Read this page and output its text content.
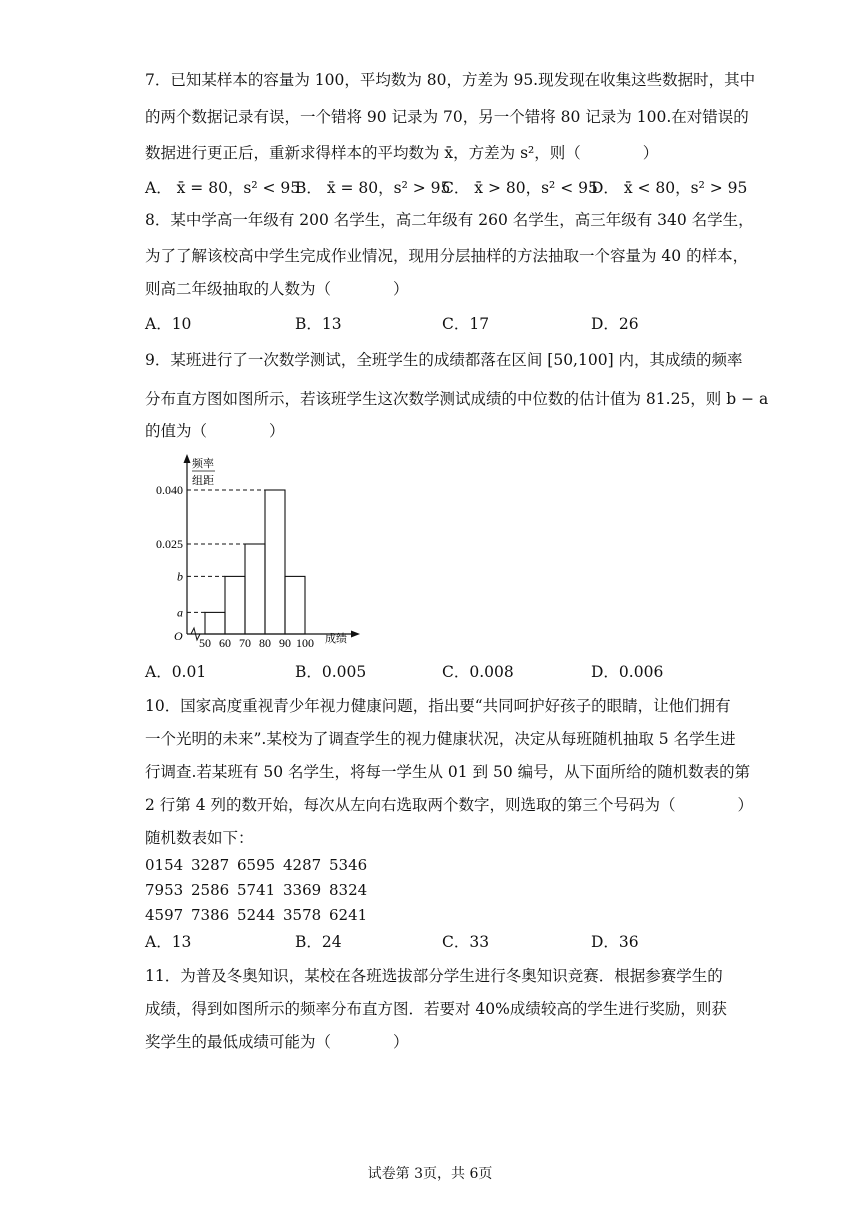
7．已知某样本的容量为 100，平均数为 80，方差为 95.现发现在收集这些数据时，其中
的两个数据记录有误，一个错将 90 记录为 70，另一个错将 80 记录为 100.在对错误的
数据进行更正后，重新求得样本的平均数为 x̄，方差为 s²，则（　　　　）
A． x̄ = 80，s² < 95
B． x̄ = 80，s² > 95
C． x̄ > 80，s² < 95
D． x̄ < 80，s² > 95
8．某中学高一年级有 200 名学生，高二年级有 260 名学生，高三年级有 340 名学生，
为了了解该校高中学生完成作业情况，现用分层抽样的方法抽取一个容量为 40 的样本，
则高二年级抽取的人数为（　　　　）
A．10	B．13	C．17	D．26
9．某班进行了一次数学测试，全班学生的成绩都落在区间 [50,100] 内，其成绩的频率
分布直方图如图所示，若该班学生这次数学测试成绩的中位数的估计值为 81.25，则 b − a
的值为（　　　　）
频率
组距
O	成绩
a
b
0.025
0.040
50 60 70 80 90 100
A．0.01	B．0.005	C．0.008	D．0.006
10．国家高度重视青少年视力健康问题，指出要“共同呵护好孩子的眼睛，让他们拥有
一个光明的未来”.某校为了调查学生的视力健康状况，决定从每班随机抽取 5 名学生进
行调查.若某班有 50 名学生，将每一学生从 01 到 50 编号，从下面所给的随机数表的第
2 行第 4 列的数开始，每次从左向右选取两个数字，则选取的第三个号码为（　　　　）
随机数表如下：
0154 3287 6595 4287 5346
7953 2586 5741 3369 8324
4597 7386 5244 3578 6241
A．13	B．24	C．33	D．36
11．为普及冬奥知识，某校在各班选拔部分学生进行冬奥知识竞赛．根据参赛学生的
成绩，得到如图所示的频率分布直方图．若要对 40%成绩较高的学生进行奖励，则获
奖学生的最低成绩可能为（　　　　）
试卷第 3页，共 6页
